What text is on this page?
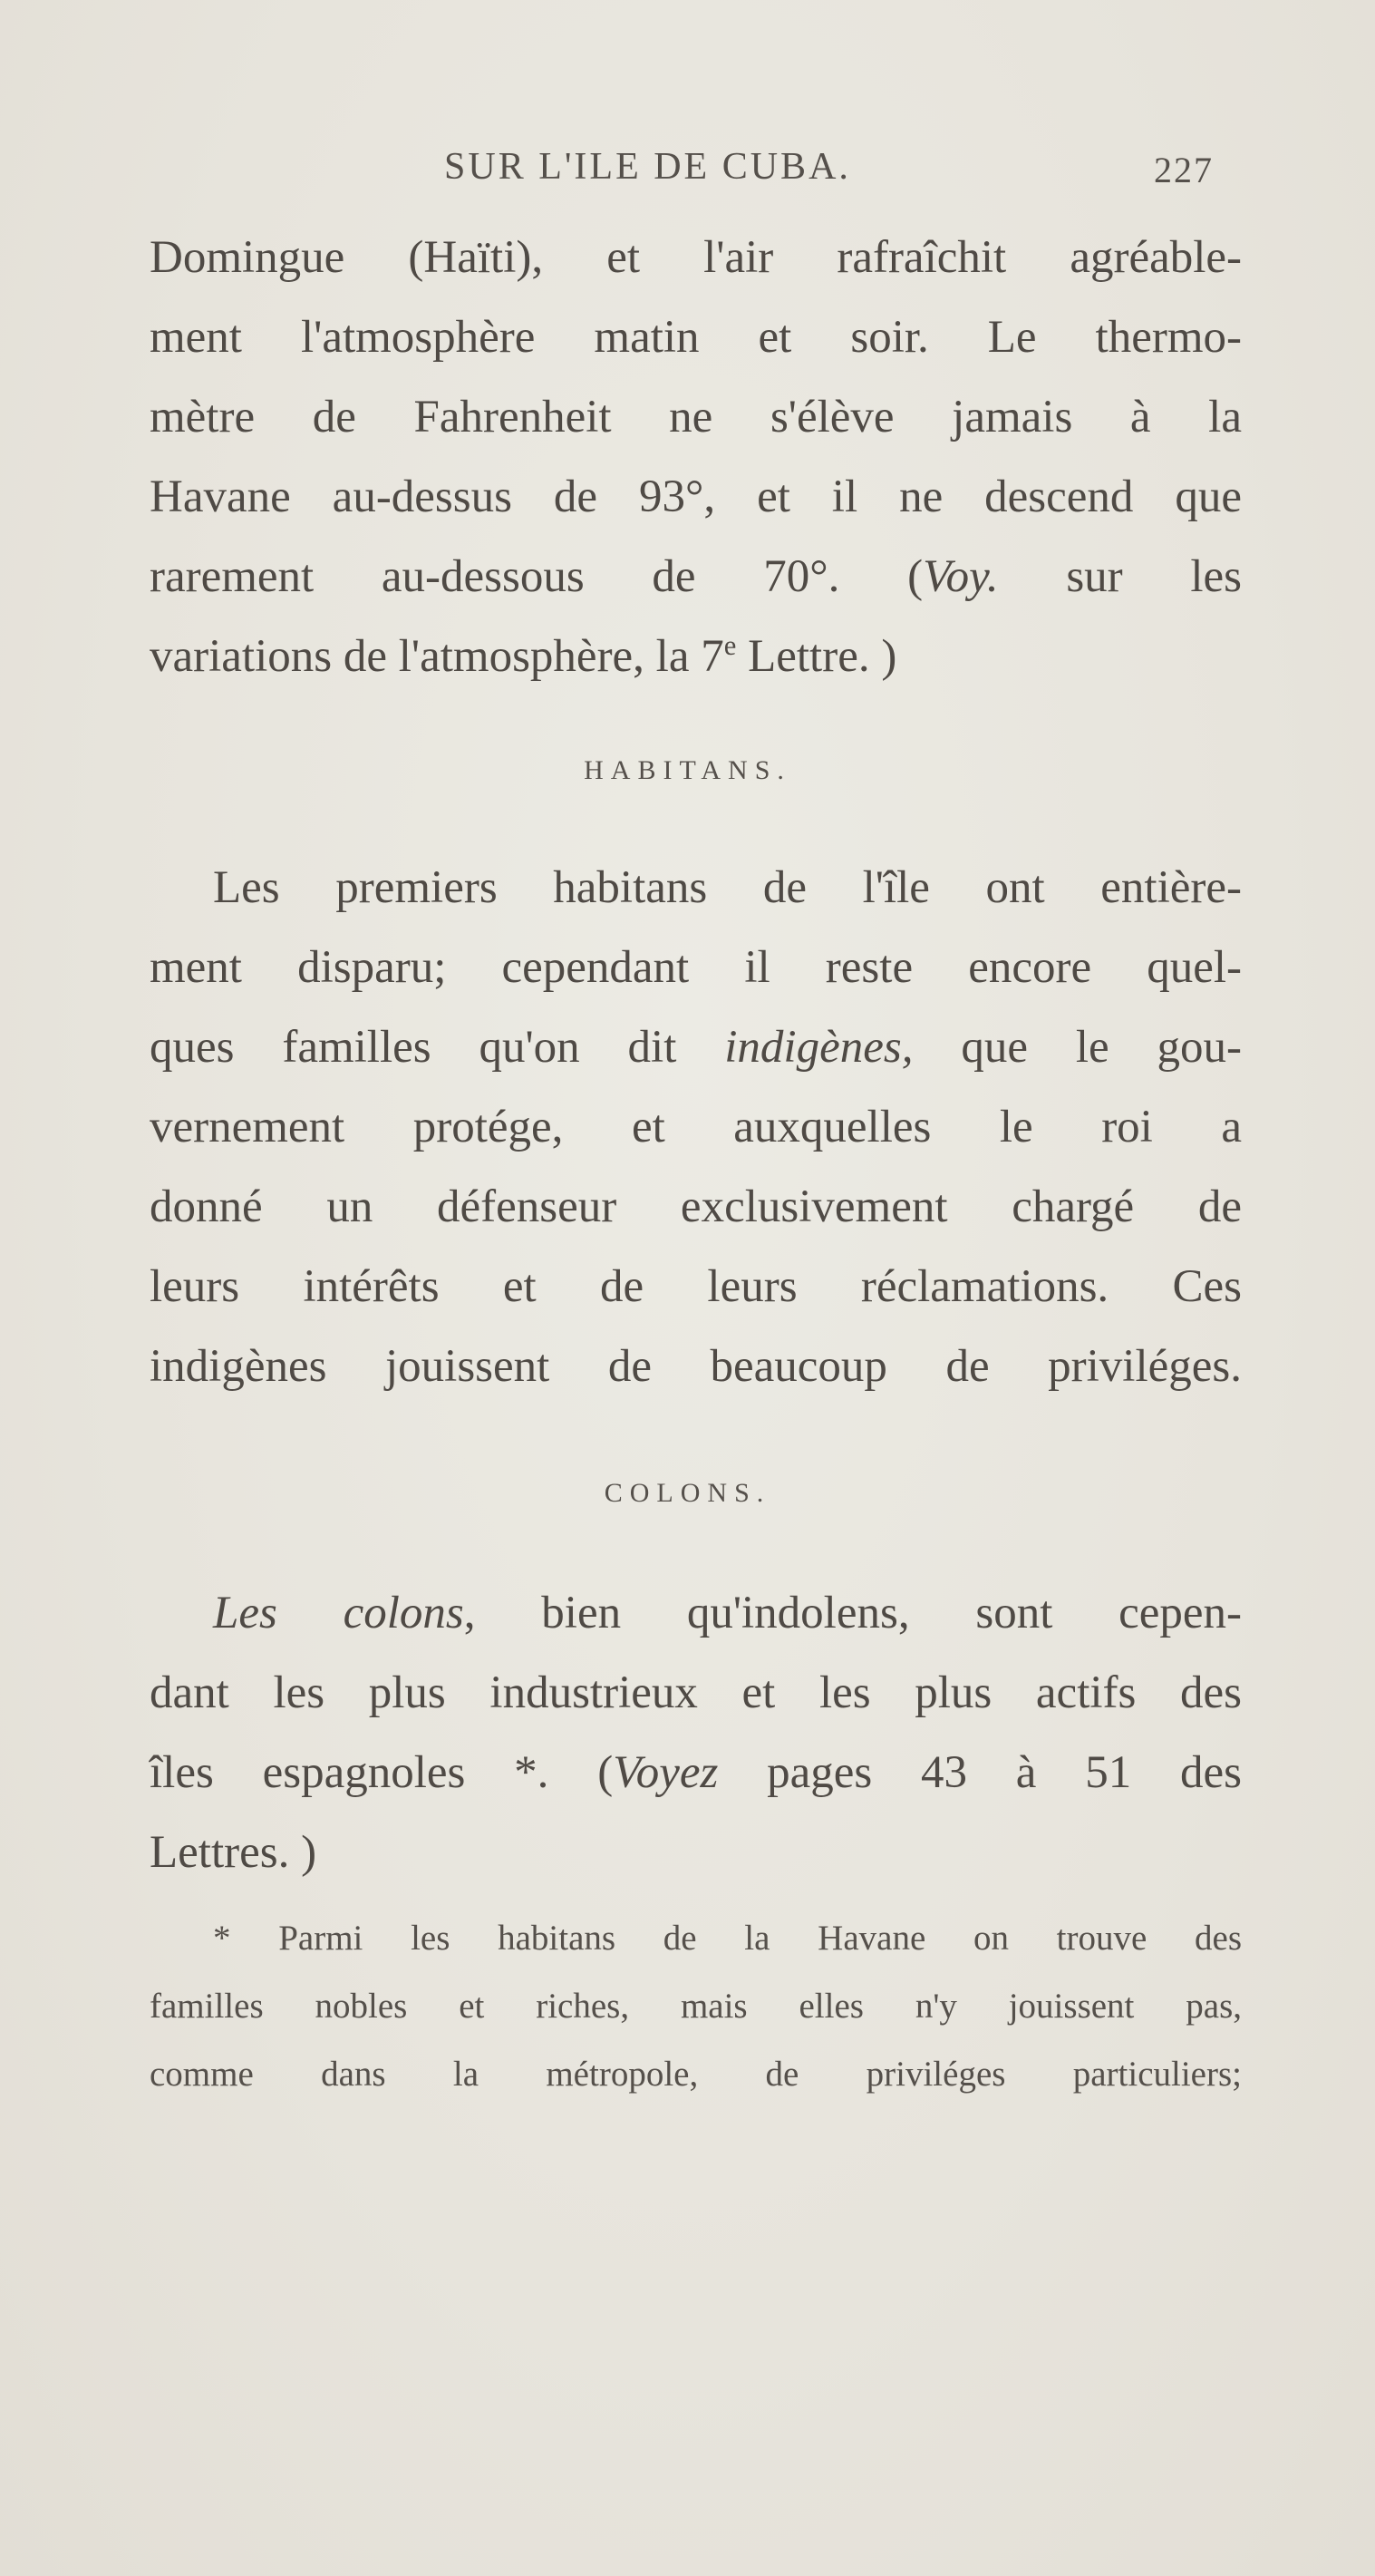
SUR L'ILE DE CUBA.	227
Domingue (Haïti), et l'air rafraîchit agréable-
ment l'atmosphère matin et soir. Le thermo-
mètre de Fahrenheit ne s'élève jamais à la
Havane au-dessus de 93°, et il ne descend que
rarement au-dessous de 70°. (Voy. sur les
variations de l'atmosphère, la 7e Lettre. )
HABITANS.
Les premiers habitans de l'île ont entière-
ment disparu; cependant il reste encore quel-
ques familles qu'on dit indigènes, que le gou-
vernement protége, et auxquelles le roi a
donné un défenseur exclusivement chargé de
leurs intérêts et de leurs réclamations. Ces
indigènes jouissent de beaucoup de priviléges.
COLONS.
Les colons, bien qu'indolens, sont cepen-
dant les plus industrieux et les plus actifs des
îles espagnoles *. (Voyez pages 43 à 51 des
Lettres. )
* Parmi les habitans de la Havane on trouve des
familles nobles et riches, mais elles n'y jouissent pas,
comme dans la métropole, de priviléges particuliers;
